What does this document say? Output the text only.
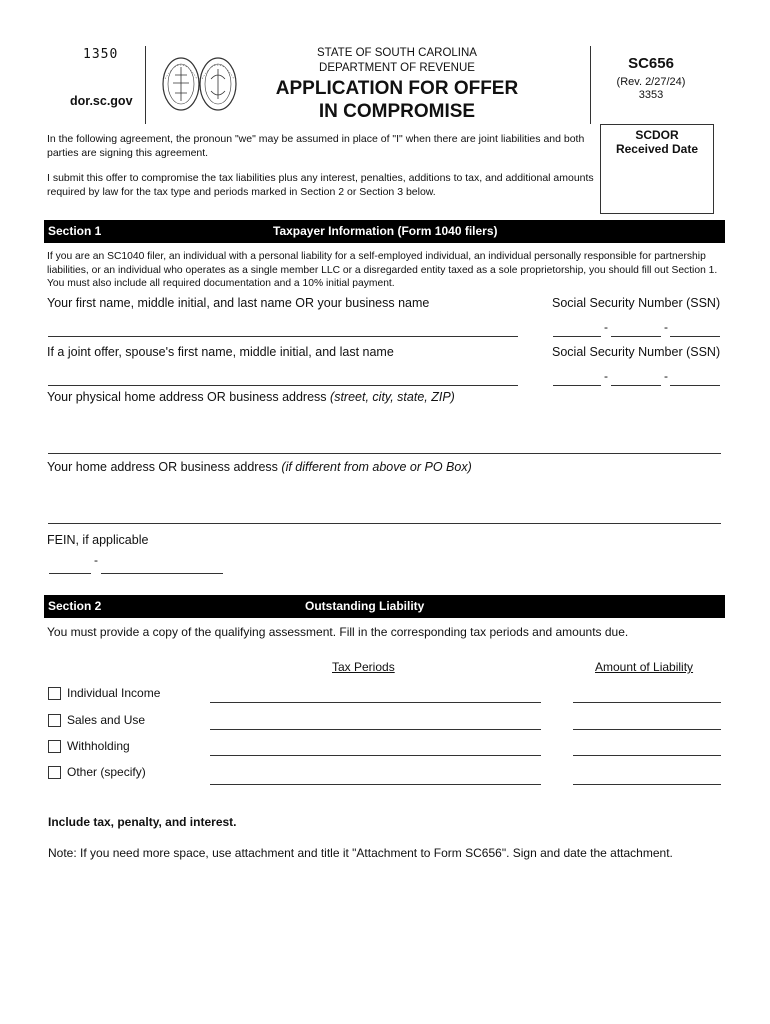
1350
dor.sc.gov
STATE OF SOUTH CAROLINA
DEPARTMENT OF REVENUE
APPLICATION FOR OFFER
IN COMPROMISE
SC656
(Rev. 2/27/24)
3353
SCDOR
Received Date
In the following agreement, the pronoun "we" may be assumed in place of "I" when there are joint liabilities and both parties are signing this agreement.
I submit this offer to compromise the tax liabilities plus any interest, penalties, additions to tax, and additional amounts required by law for the tax type and periods marked in Section 2 or Section 3 below.
Section 1	Taxpayer Information (Form 1040 filers)
If you are an SC1040 filer, an individual with a personal liability for a self-employed individual, an individual personally responsible for partnership liabilities, or an individual who operates as a single member LLC or a disregarded entity taxed as a sole proprietorship, you should fill out Section 1. You must also include all required documentation and a 10% initial payment.
Your first name, middle initial, and last name OR your business name	Social Security Number (SSN)
-	-
If a joint offer, spouse's first name, middle initial, and last name	Social Security Number (SSN)
-	-
Your physical home address OR business address (street, city, state, ZIP)
Your home address OR business address (if different from above or PO Box)
FEIN, if applicable
-
Section 2	Outstanding Liability
You must provide a copy of the qualifying assessment. Fill in the corresponding tax periods and amounts due.
Tax Periods	Amount of Liability
Individual Income
Sales and Use
Withholding
Other (specify)
Include tax, penalty, and interest.
Note: If you need more space, use attachment and title it "Attachment to Form SC656". Sign and date the attachment.
